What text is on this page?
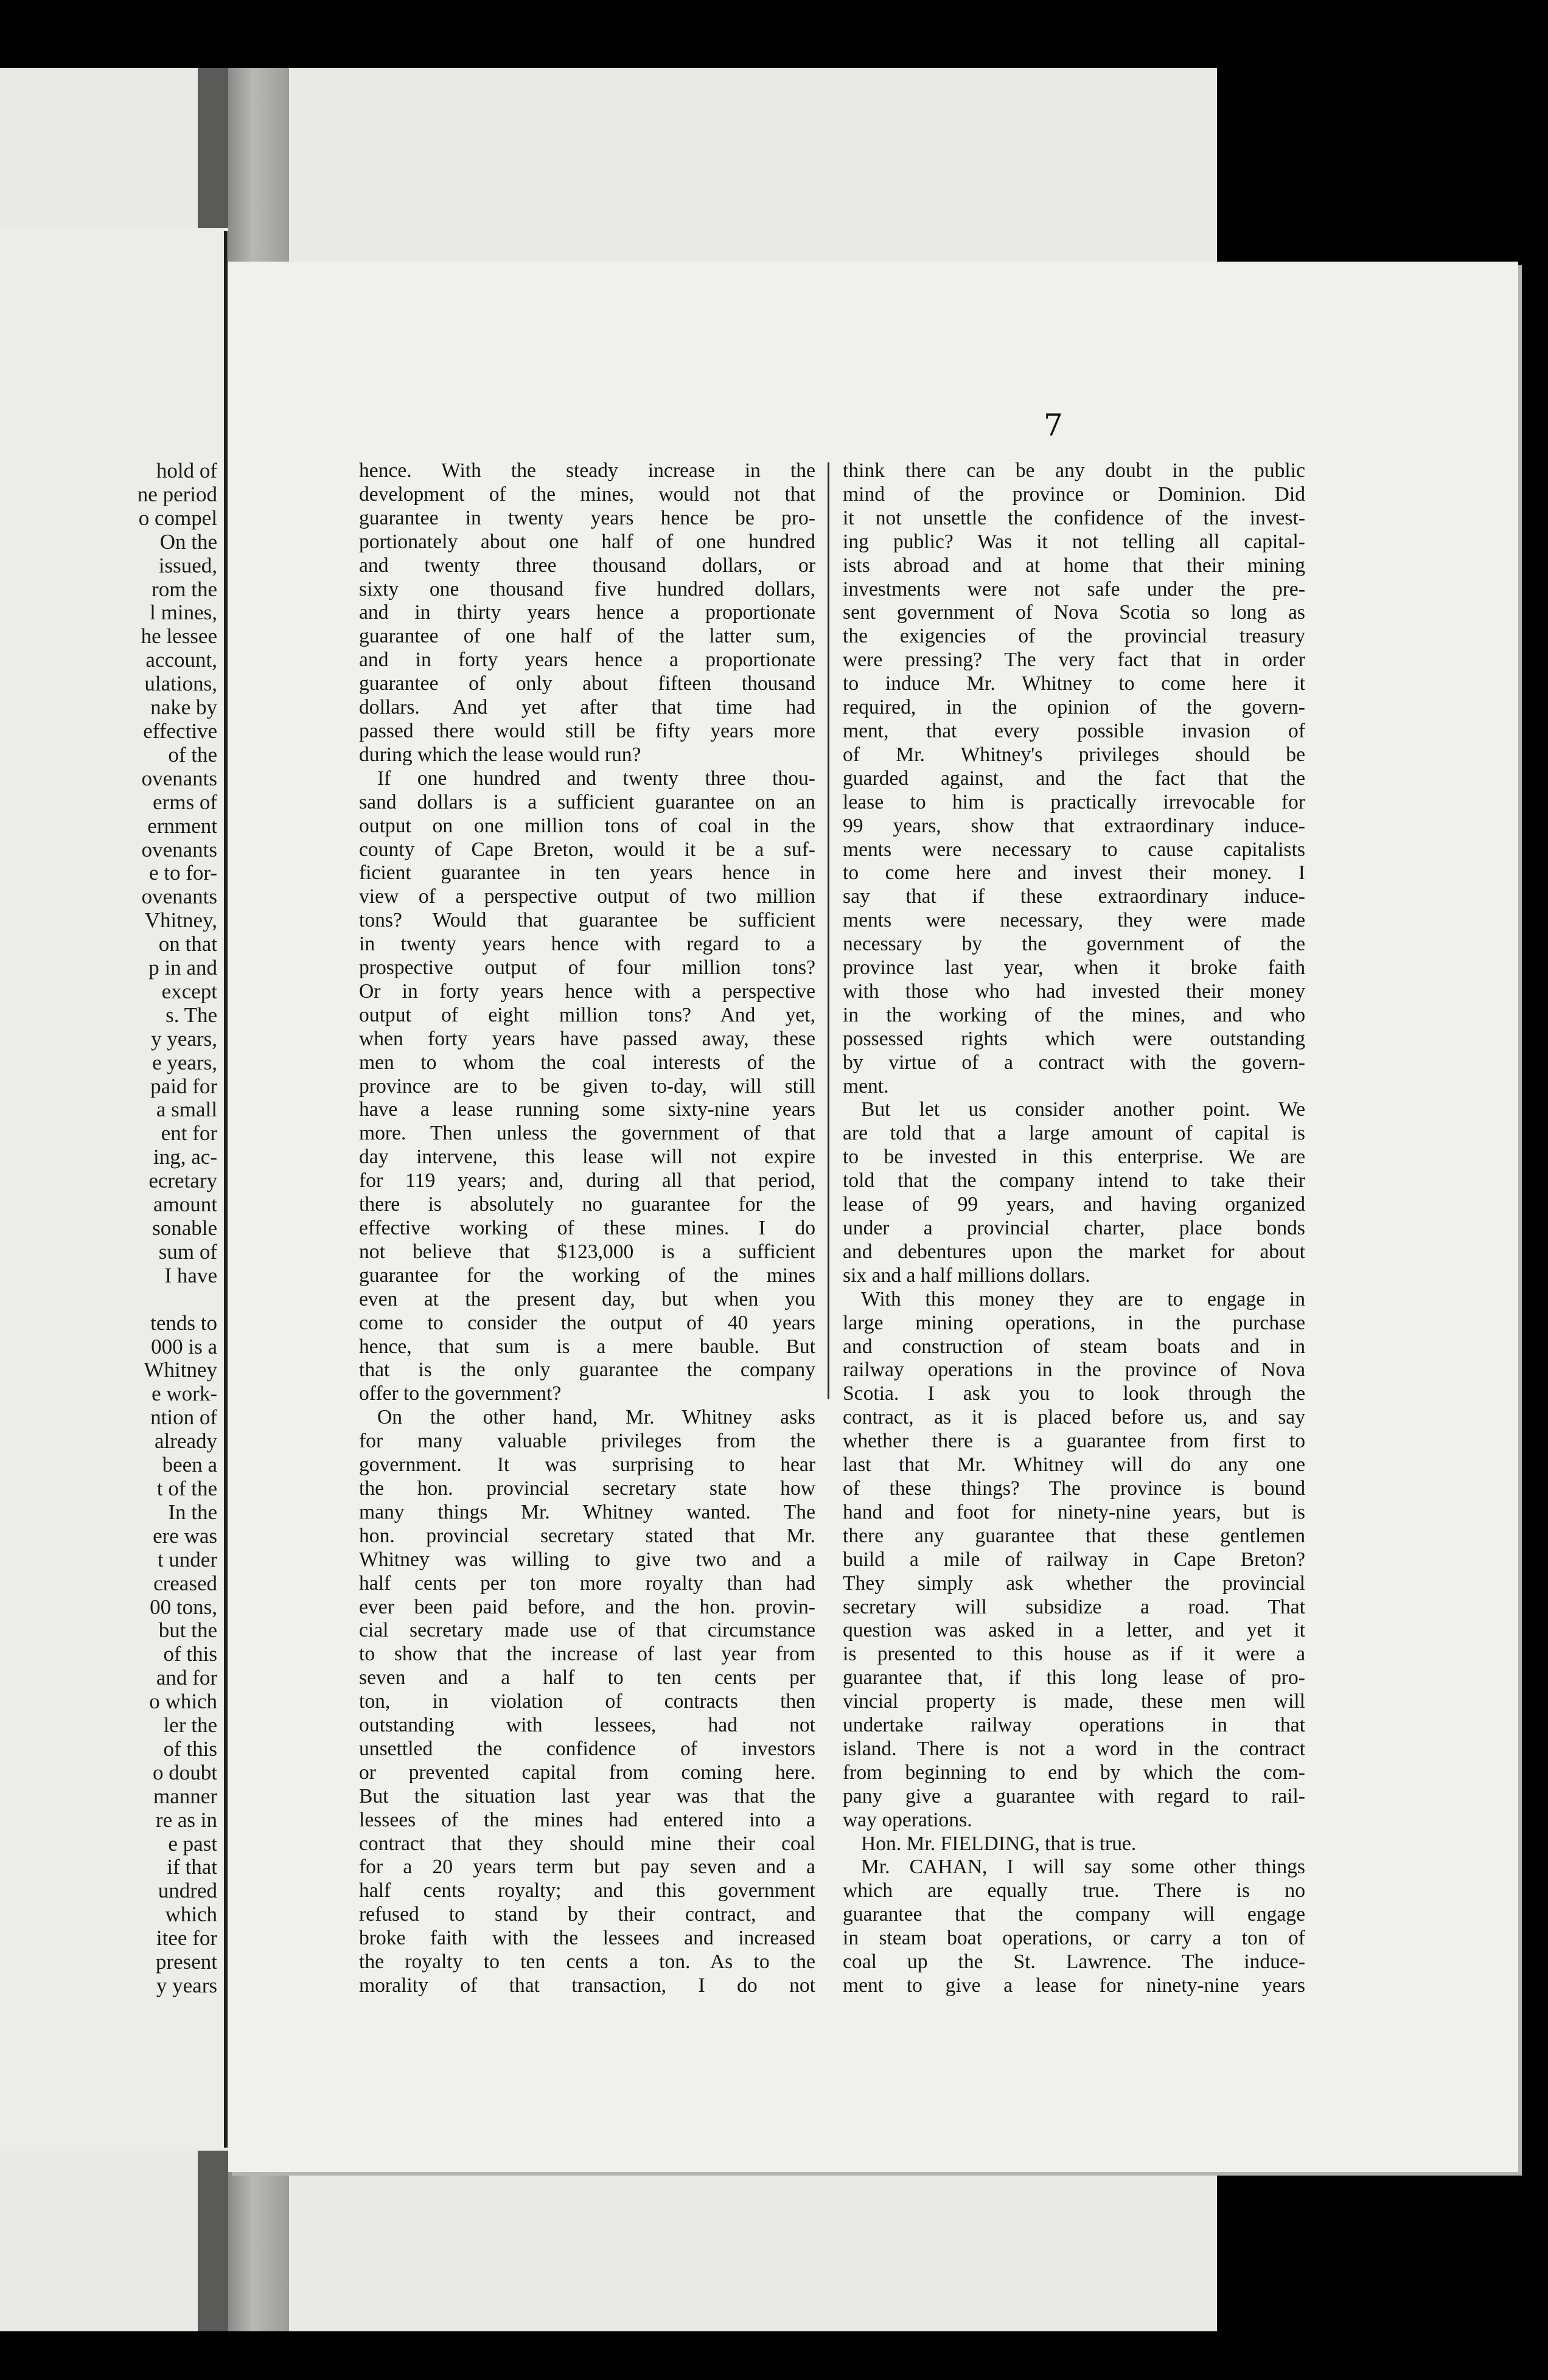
hold of
ne period
o compel
On the
issued,
rom the
l mines,
he lessee
account,
ulations,
nake by
effective
of the
ovenants
erms of
ernment
ovenants
e to for-
ovenants
Vhitney,
on that
p in and
except
s. The
y years,
e years,
paid for
a small
ent for
ing, ac-
ecretary
amount
sonable
sum of
I have

tends to
000 is a
Whitney
e work-
ntion of
already
been a
t of the
In the
ere was
t under
creased
00 tons,
but the
of this
and for
o which
ler the
of this
o doubt
manner
re as in
e past
if that
undred
which
itee for
present
y years
7
hence. With the steady increase in the
development of the mines, would not that
guarantee in twenty years hence be pro-
portionately about one half of one hundred
and twenty three thousand dollars, or
sixty one thousand five hundred dollars,
and in thirty years hence a proportionate
guarantee of one half of the latter sum,
and in forty years hence a proportionate
guarantee of only about fifteen thousand
dollars. And yet after that time had
passed there would still be fifty years more
during which the lease would run?
If one hundred and twenty three thou-
sand dollars is a sufficient guarantee on an
output on one million tons of coal in the
county of Cape Breton, would it be a suf-
ficient guarantee in ten years hence in
view of a perspective output of two million
tons? Would that guarantee be sufficient
in twenty years hence with regard to a
prospective output of four million tons?
Or in forty years hence with a perspective
output of eight million tons? And yet,
when forty years have passed away, these
men to whom the coal interests of the
province are to be given to-day, will still
have a lease running some sixty-nine years
more. Then unless the government of that
day intervene, this lease will not expire
for 119 years; and, during all that period,
there is absolutely no guarantee for the
effective working of these mines. I do
not believe that $123,000 is a sufficient
guarantee for the working of the mines
even at the present day, but when you
come to consider the output of 40 years
hence, that sum is a mere bauble. But
that is the only guarantee the company
offer to the government?
On the other hand, Mr. Whitney asks
for many valuable privileges from the
government. It was surprising to hear
the hon. provincial secretary state how
many things Mr. Whitney wanted. The
hon. provincial secretary stated that Mr.
Whitney was willing to give two and a
half cents per ton more royalty than had
ever been paid before, and the hon. provin-
cial secretary made use of that circumstance
to show that the increase of last year from
seven and a half to ten cents per
ton, in violation of contracts then
outstanding with lessees, had not
unsettled the confidence of investors
or prevented capital from coming here.
But the situation last year was that the
lessees of the mines had entered into a
contract that they should mine their coal
for a 20 years term but pay seven and a
half cents royalty; and this government
refused to stand by their contract, and
broke faith with the lessees and increased
the royalty to ten cents a ton. As to the
morality of that transaction, I do not
think there can be any doubt in the public
mind of the province or Dominion. Did
it not unsettle the confidence of the invest-
ing public? Was it not telling all capital-
ists abroad and at home that their mining
investments were not safe under the pre-
sent government of Nova Scotia so long as
the exigencies of the provincial treasury
were pressing? The very fact that in order
to induce Mr. Whitney to come here it
required, in the opinion of the govern-
ment, that every possible invasion of
of Mr. Whitney's privileges should be
guarded against, and the fact that the
lease to him is practically irrevocable for
99 years, show that extraordinary induce-
ments were necessary to cause capitalists
to come here and invest their money. I
say that if these extraordinary induce-
ments were necessary, they were made
necessary by the government of the
province last year, when it broke faith
with those who had invested their money
in the working of the mines, and who
possessed rights which were outstanding
by virtue of a contract with the govern-
ment.
But let us consider another point. We
are told that a large amount of capital is
to be invested in this enterprise. We are
told that the company intend to take their
lease of 99 years, and having organized
under a provincial charter, place bonds
and debentures upon the market for about
six and a half millions dollars.
With this money they are to engage in
large mining operations, in the purchase
and construction of steam boats and in
railway operations in the province of Nova
Scotia. I ask you to look through the
contract, as it is placed before us, and say
whether there is a guarantee from first to
last that Mr. Whitney will do any one
of these things? The province is bound
hand and foot for ninety-nine years, but is
there any guarantee that these gentlemen
build a mile of railway in Cape Breton?
They simply ask whether the provincial
secretary will subsidize a road. That
question was asked in a letter, and yet it
is presented to this house as if it were a
guarantee that, if this long lease of pro-
vincial property is made, these men will
undertake railway operations in that
island. There is not a word in the contract
from beginning to end by which the com-
pany give a guarantee with regard to rail-
way operations.
Hon. Mr. FIELDING, that is true.
Mr. CAHAN, I will say some other things
which are equally true. There is no
guarantee that the company will engage
in steam boat operations, or carry a ton of
coal up the St. Lawrence. The induce-
ment to give a lease for ninety-nine years
